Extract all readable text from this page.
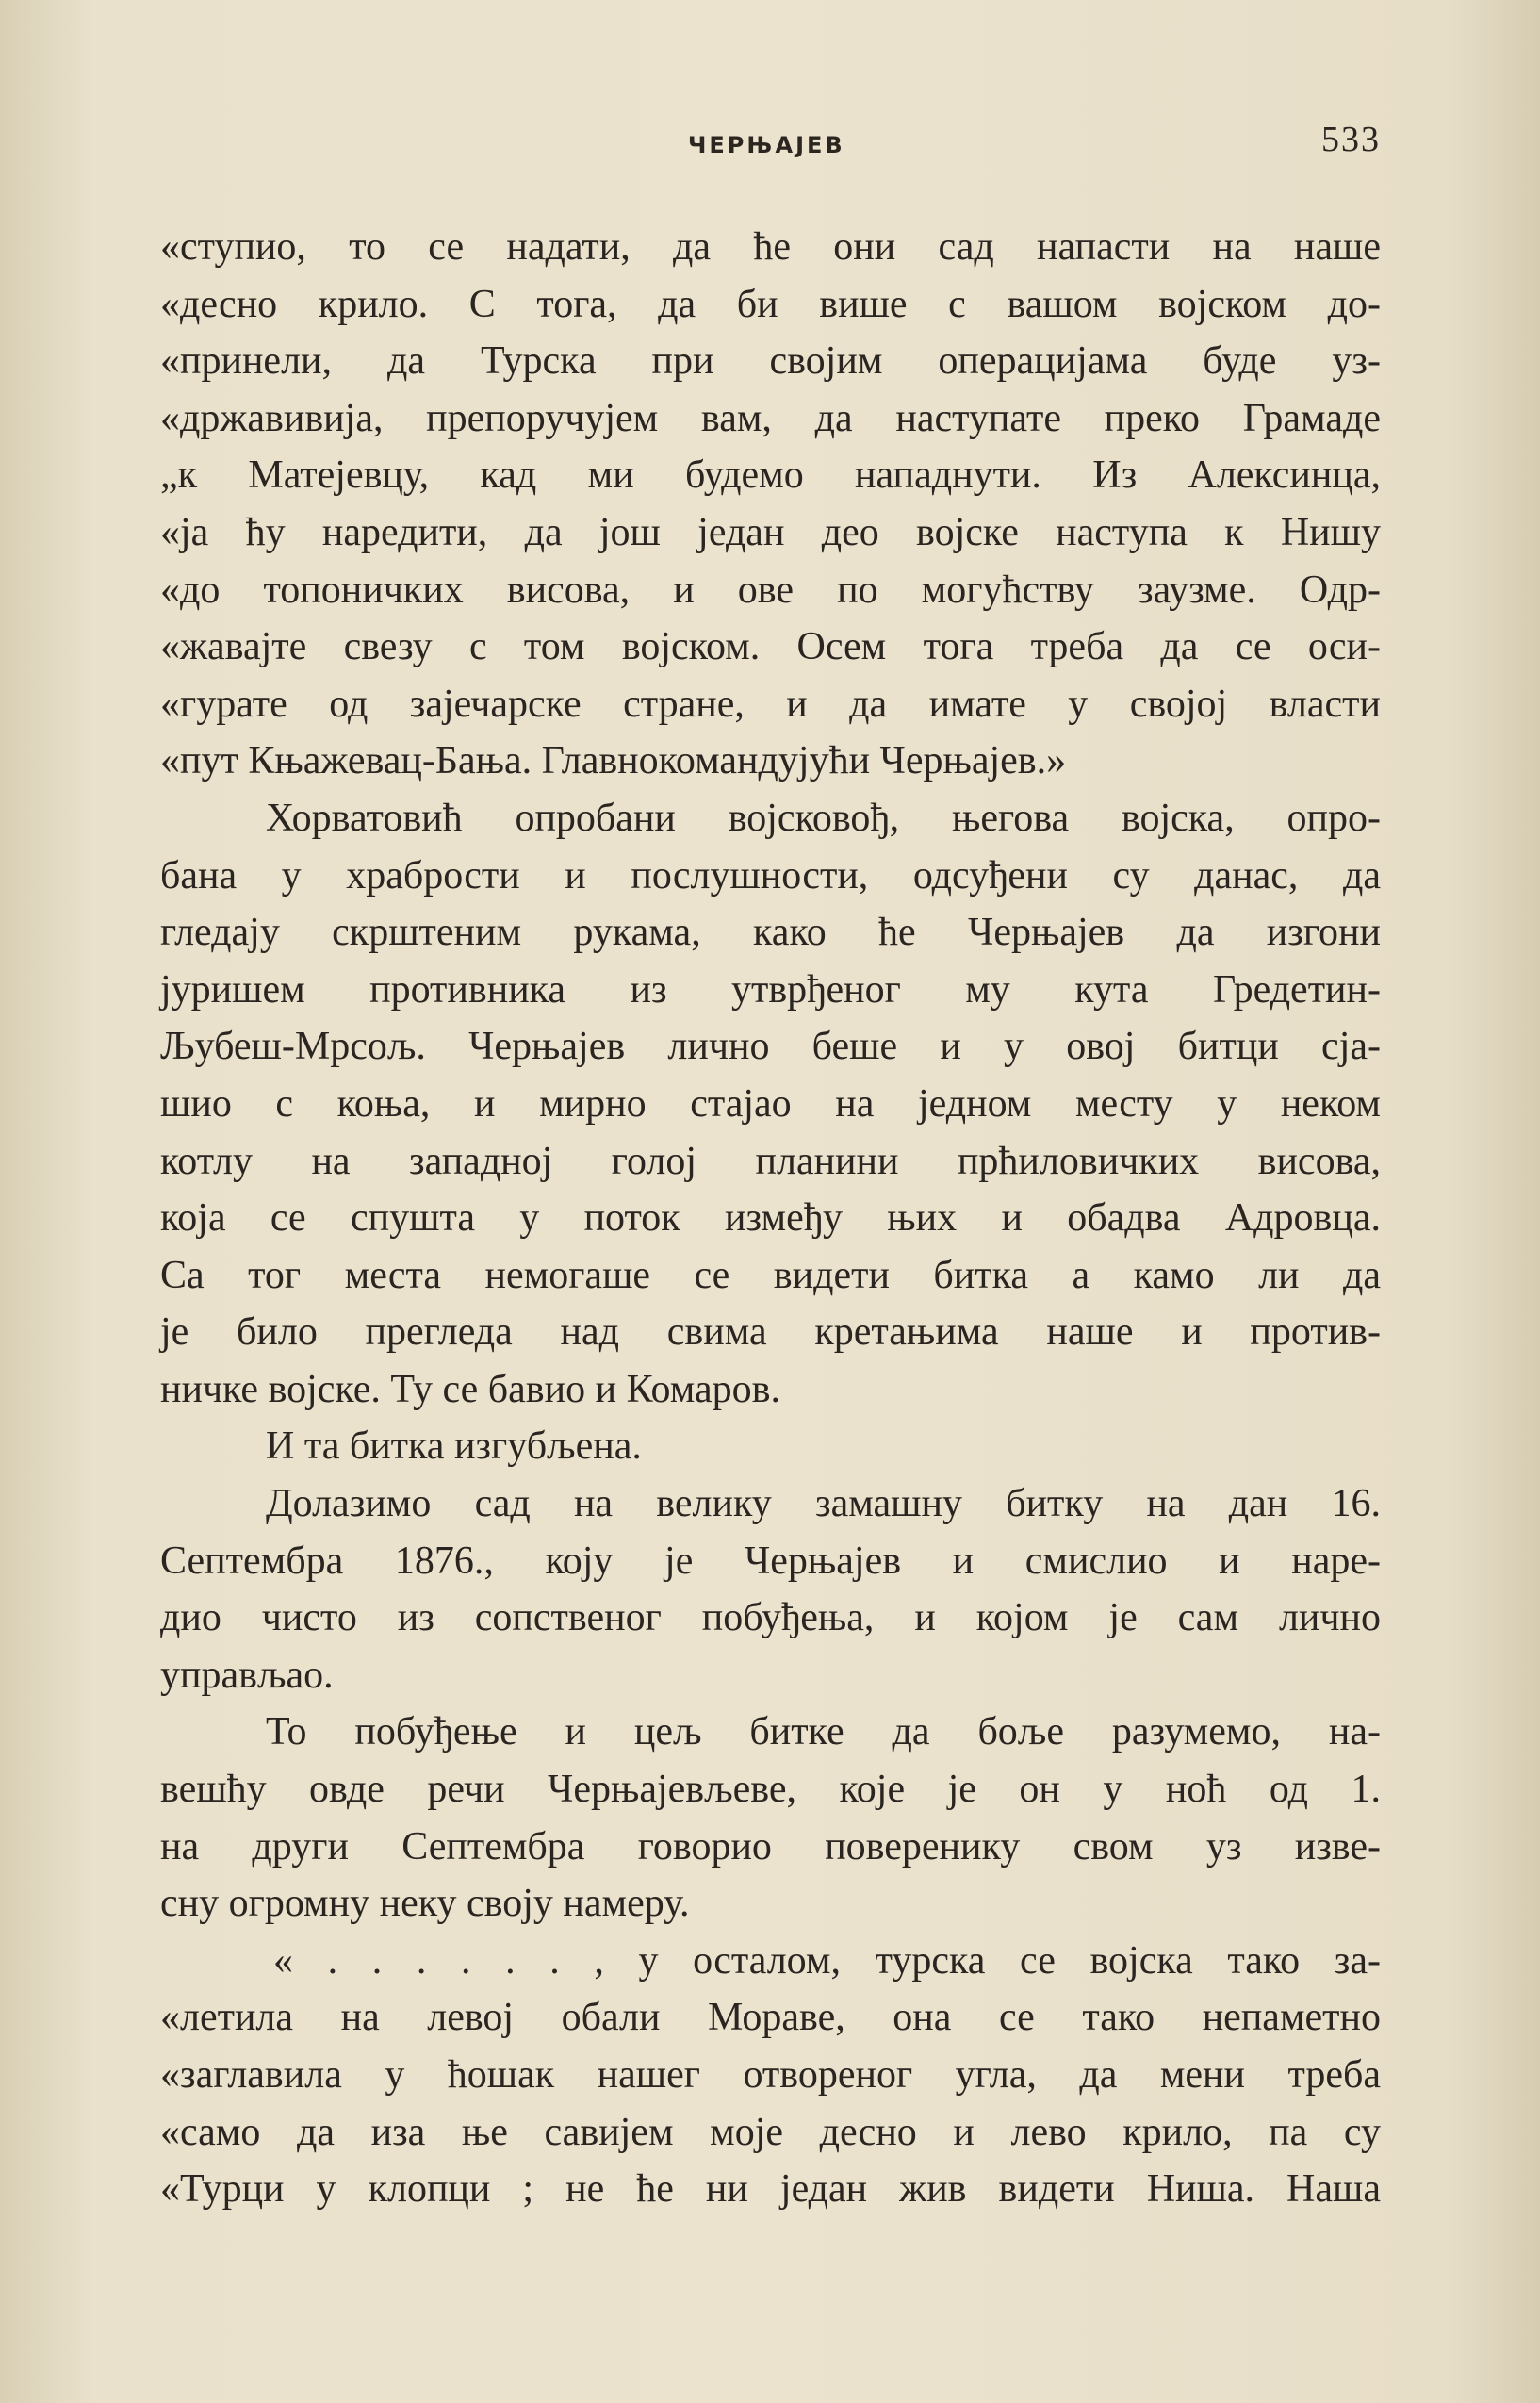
ЧЕРЊАЈЕВ	533
«ступио, то се надати, да ће они сад напасти на наше
«десно крило. С тога, да би више с вашом војском до-
«принели, да Турска при својим операцијама буде уз-
«државивија, препоручујем вам, да наступате преко Грамаде
„к Матејевцу, кад ми будемо нападнути. Из Алексинца,
«ја ћу наредити, да још један део војске наступа к Нишу
«до топоничких висова, и ове по могућству заузме. Одр-
«жавајте свезу с том војском. Осем тога треба да се оси-
«гурате од зајечарске стране, и да имате у својој власти
«пут Књажевац-Бања. Главнокомандујући Черњајев.»
Хорватовић опробани војсковођ, његова војска, опро-
бана у храбрости и послушности, одсуђени су данас, да
гледају скрштеним рукама, како ће Черњајев да изгони
јуришем противника из утврђеног му кута Гредетин-
Љубеш-Мрсољ. Черњајев лично беше и у овој битци сја-
шио с коња, и мирно стајао на једном месту у неком
котлу на западној голој планини прћиловичких висова,
која се спушта у поток између њих и обадва Адровца.
Са тог места немогаше се видети битка а камо ли да
је било прегледа над свима кретањима наше и против-
ничке војске. Ту се бавио и Комаров.
И та битка изгубљена.
Долазимо сад на велику замашну битку на дан 16.
Септембра 1876., коју је Черњајев и смислио и наре-
дио чисто из сопственог побуђења, и којом је сам лично
управљао.
То побуђење и цељ битке да боље разумемо, на-
вешћу овде речи Черњајевљеве, које је он у ноћ од 1.
на други Септембра говорио поверенику свом уз изве-
сну огромну неку своју намеру.
« . . . . . . , у осталом, турска се војска тако за-
«летила на левој обали Мораве, она се тако непаметно
«заглавила у ћошак нашег отвореног угла, да мени треба
«само да иза ње савијем моје десно и лево крило, па су
«Турци у клопци ; не ће ни један жив видети Ниша. Наша
